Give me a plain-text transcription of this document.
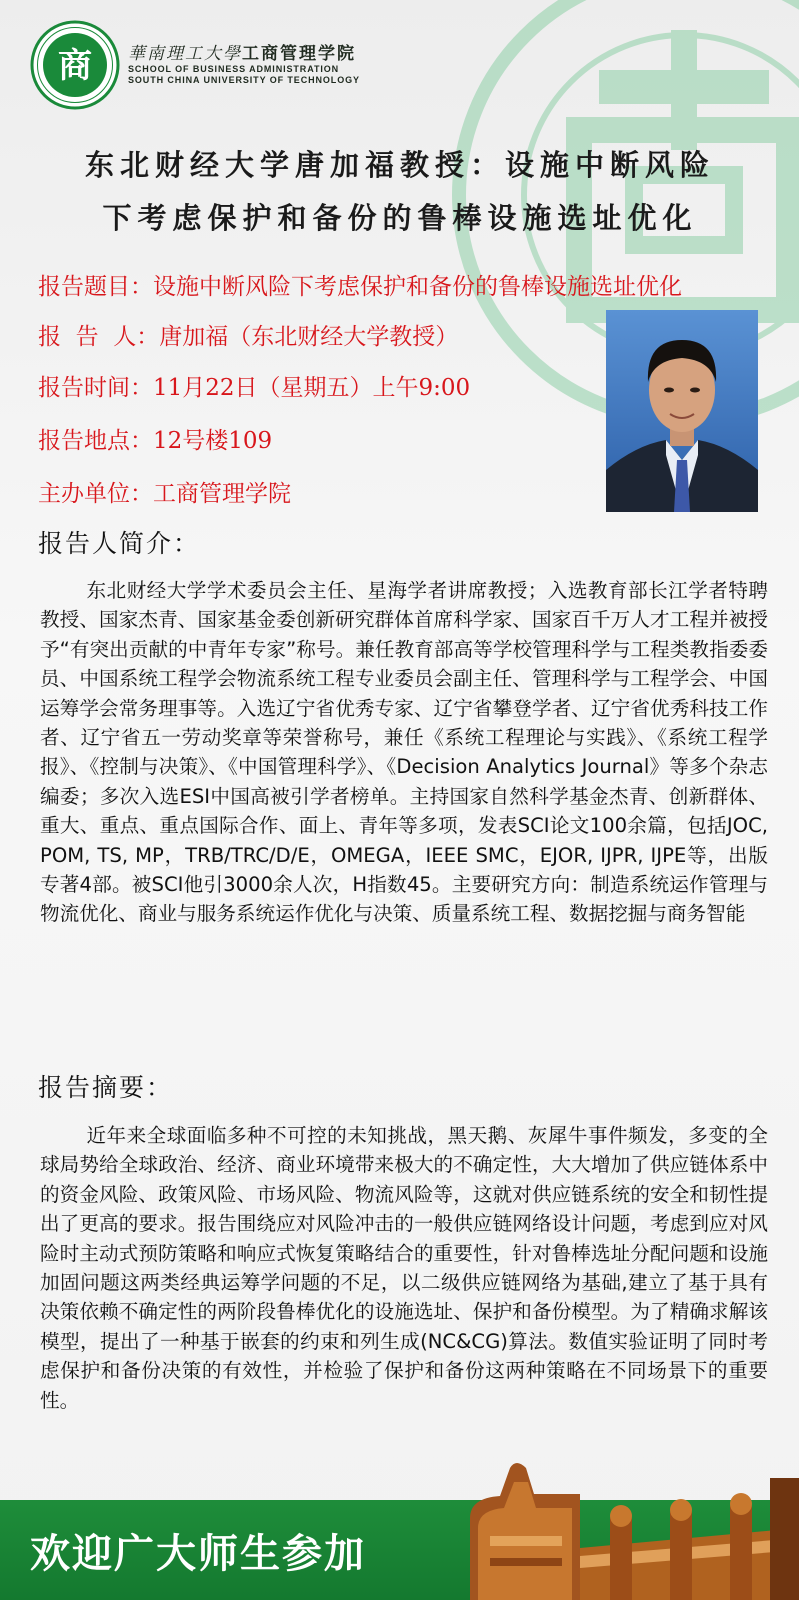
商 華南理工大學工商管理学院
SCHOOL OF BUSINESS ADMINISTRATION
SOUTH CHINA UNIVERSITY OF TECHNOLOGY
东北财经大学唐加福教授：设施中断风险
下考虑保护和备份的鲁棒设施选址优化
报告题目：设施中断风险下考虑保护和备份的鲁棒设施选址优化
报  告  人：唐加福（东北财经大学教授）
报告时间：11月22日（星期五）上午9:00
报告地点：12号楼109
主办单位：工商管理学院
报告人简介：
东北财经大学学术委员会主任、星海学者讲席教授；入选教育部长江学者特聘教授、国家杰青、国家基金委创新研究群体首席科学家、国家百千万人才工程并被授予“有突出贡献的中青年专家”称号。兼任教育部高等学校管理科学与工程类教指委委员、中国系统工程学会物流系统工程专业委员会副主任、管理科学与工程学会、中国运筹学会常务理事等。入选辽宁省优秀专家、辽宁省攀登学者、辽宁省优秀科技工作者、辽宁省五一劳动奖章等荣誉称号，兼任《系统工程理论与实践》、《系统工程学报》、《控制与决策》、《中国管理科学》、《Decision Analytics Journal》等多个杂志编委；多次入选ESI中国高被引学者榜单。主持国家自然科学基金杰青、创新群体、重大、重点、重点国际合作、面上、青年等多项，发表SCI论文100余篇，包括JOC, POM, TS, MP，TRB/TRC/D/E，OMEGA，IEEE SMC，EJOR, IJPR, IJPE等，出版专著4部。被SCI他引3000余人次，H指数45。主要研究方向：制造系统运作管理与物流优化、商业与服务系统运作优化与决策、质量系统工程、数据挖掘与商务智能
报告摘要：
近年来全球面临多种不可控的未知挑战，黑天鹅、灰犀牛事件频发，多变的全球局势给全球政治、经济、商业环境带来极大的不确定性，大大增加了供应链体系中的资金风险、政策风险、市场风险、物流风险等，这就对供应链系统的安全和韧性提出了更高的要求。报告围绕应对风险冲击的一般供应链网络设计问题，考虑到应对风险时主动式预防策略和响应式恢复策略结合的重要性，针对鲁棒选址分配问题和设施加固问题这两类经典运筹学问题的不足，以二级供应链网络为基础,建立了基于具有决策依赖不确定性的两阶段鲁棒优化的设施选址、保护和备份模型。为了精确求解该模型，提出了一种基于嵌套的约束和列生成(NC&CG)算法。数值实验证明了同时考虑保护和备份决策的有效性，并检验了保护和备份这两种策略在不同场景下的重要性。
欢迎广大师生参加
